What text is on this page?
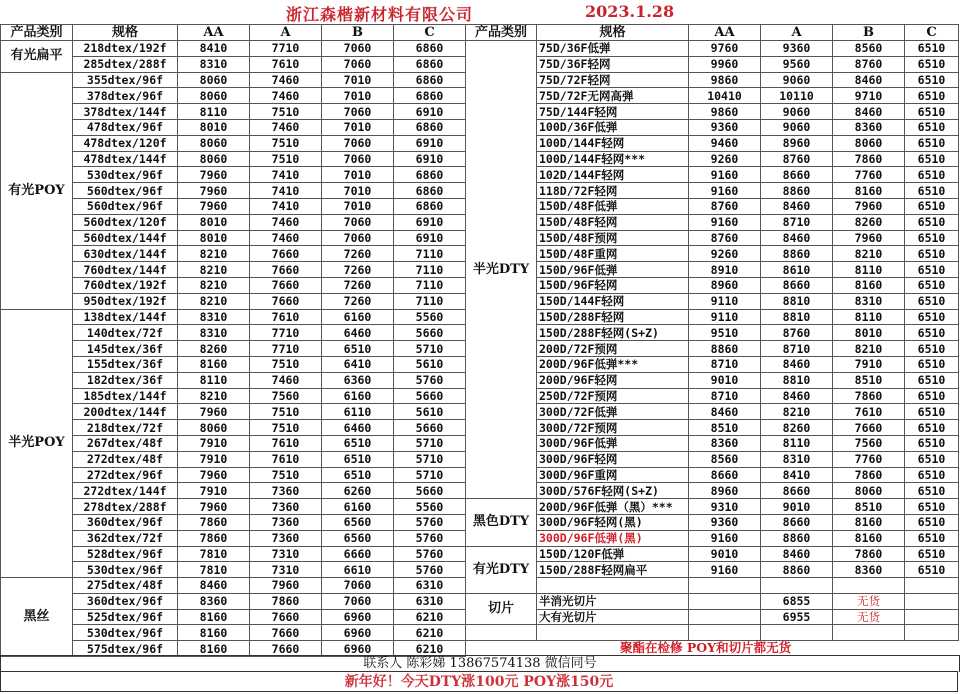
浙江森楷新材料有限公司	2023.1.28
产品类别	规格	AA	A	B	C
有光扁平	218dtex/192f	8410	7710	7060	6860
	285dtex/288f	8310	7610	7060	6860
有光POY	355dtex/96f	8060	7460	7010	6860
	378dtex/96f	8060	7460	7010	6860
	378dtex/144f	8110	7510	7060	6910
	478dtex/96f	8010	7460	7010	6860
	478dtex/120f	8060	7510	7060	6910
	478dtex/144f	8060	7510	7060	6910
	530dtex/96f	7960	7410	7010	6860
	560dtex/96f	7960	7410	7010	6860
	560dtex/96f	7960	7410	7010	6860
	560dtex/120f	8010	7460	7060	6910
	560dtex/144f	8010	7460	7060	6910
	630dtex/144f	8210	7660	7260	7110
	760dtex/144f	8210	7660	7260	7110
	760dtex/192f	8210	7660	7260	7110
	950dtex/192f	8210	7660	7260	7110
半光POY	138dtex/144f	8310	7610	6160	5560
	140dtex/72f	8310	7710	6460	5660
	145dtex/36f	8260	7710	6510	5710
	155dtex/36f	8160	7510	6410	5610
	182dtex/36f	8110	7460	6360	5760
	185dtex/144f	8210	7560	6160	5660
	200dtex/144f	7960	7510	6110	5610
	218dtex/72f	8060	7510	6460	5660
	267dtex/48f	7910	7610	6510	5710
	272dtex/48f	7910	7610	6510	5710
	272dtex/96f	7960	7510	6510	5710
	272dtex/144f	7910	7360	6260	5660
	278dtex/288f	7960	7360	6160	5560
	360dtex/96f	7860	7360	6560	5760
	362dtex/72f	7860	7360	6560	5760
	528dtex/96f	7810	7310	6660	5760
	530dtex/96f	7810	7310	6610	5760
黑丝	275dtex/48f	8460	7960	7060	6310
	360dtex/96f	8360	7860	7060	6310
	525dtex/96f	8160	7660	6960	6210
	530dtex/96f	8160	7660	6960	6210
	575dtex/96f	8160	7660	6960	6210
产品类别	规格	AA	A	B	C
半光DTY	75D/36F低弹	9760	9360	8560	6510
	75D/36F轻网	9960	9560	8760	6510
	75D/72F轻网	9860	9060	8460	6510
	75D/72F无网高弹	10410	10110	9710	6510
	75D/144F轻网	9860	9060	8460	6510
	100D/36F低弹	9360	9060	8360	6510
	100D/144F轻网	9460	8960	8060	6510
	100D/144F轻网***	9260	8760	7860	6510
	102D/144F轻网	9160	8660	7760	6510
	118D/72F轻网	9160	8860	8160	6510
	150D/48F低弹	8760	8460	7960	6510
	150D/48F轻网	9160	8710	8260	6510
	150D/48F预网	8760	8460	7960	6510
	150D/48F重网	9260	8860	8210	6510
	150D/96F低弹	8910	8610	8110	6510
	150D/96F轻网	8960	8660	8160	6510
	150D/144F轻网	9110	8810	8310	6510
	150D/288F轻网	9110	8810	8110	6510
	150D/288F轻网(S+Z)	9510	8760	8010	6510
	200D/72F预网	8860	8710	8210	6510
	200D/96F低弹***	8710	8460	7910	6510
	200D/96F轻网	9010	8810	8510	6510
	250D/72F预网	8710	8460	7860	6510
	300D/72F低弹	8460	8210	7610	6510
	300D/72F预网	8510	8260	7660	6510
	300D/96F低弹	8360	8110	7560	6510
	300D/96F轻网	8560	8310	7760	6510
	300D/96F重网	8660	8410	7860	6510
	300D/576F轻网(S+Z)	8960	8660	8060	6510
黑色DTY	200D/96F低弹（黑）***	9310	9010	8510	6510
	300D/96F轻网(黑)	9360	8660	8160	6510
	300D/96F低弹(黑)	9160	8860	8160	6510
有光DTY	150D/120F低弹	9010	8460	7860	6510
	150D/288F轻网扁平	9160	8860	8360	6510

切片	半消光切片		6855	无货	
	大有光切片		6955	无货	

聚酯在检修 POY和切片都无货
联系人 陈彩娣 13867574138 微信同号
新年好！今天DTY涨100元 POY涨150元
